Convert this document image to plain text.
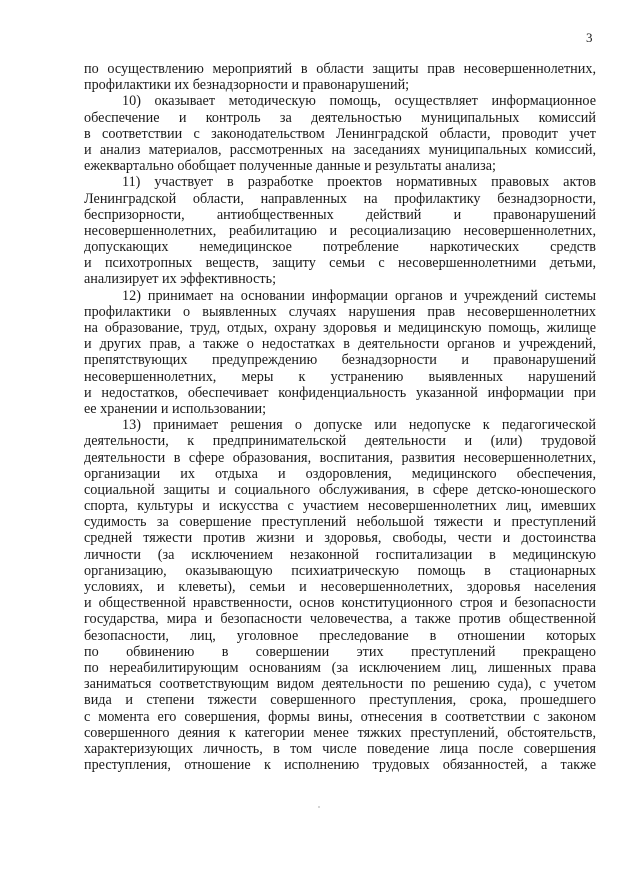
3
по осуществлению мероприятий в области защиты прав несовершеннолетних,
профилактики их безнадзорности и правонарушений;
10) оказывает методическую помощь, осуществляет информационное
обеспечение и контроль за деятельностью муниципальных комиссий
в соответствии с законодательством Ленинградской области, проводит учет
и анализ материалов, рассмотренных на заседаниях муниципальных комиссий,
ежеквартально обобщает полученные данные и результаты анализа;
11) участвует в разработке проектов нормативных правовых актов
Ленинградской области, направленных на профилактику безнадзорности,
беспризорности, антиобщественных действий и правонарушений
несовершеннолетних, реабилитацию и ресоциализацию несовершеннолетних,
допускающих немедицинское потребление наркотических средств
и психотропных веществ, защиту семьи с несовершеннолетними детьми,
анализирует их эффективность;
12) принимает на основании информации органов и учреждений системы
профилактики о выявленных случаях нарушения прав несовершеннолетних
на образование, труд, отдых, охрану здоровья и медицинскую помощь, жилище
и других прав, а также о недостатках в деятельности органов и учреждений,
препятствующих предупреждению безнадзорности и правонарушений
несовершеннолетних, меры к устранению выявленных нарушений
и недостатков, обеспечивает конфиденциальность указанной информации при
ее хранении и использовании;
13) принимает решения о допуске или недопуске к педагогической
деятельности, к предпринимательской деятельности и (или) трудовой
деятельности в сфере образования, воспитания, развития несовершеннолетних,
организации их отдыха и оздоровления, медицинского обеспечения,
социальной защиты и социального обслуживания, в сфере детско-юношеского
спорта, культуры и искусства с участием несовершеннолетних лиц, имевших
судимость за совершение преступлений небольшой тяжести и преступлений
средней тяжести против жизни и здоровья, свободы, чести и достоинства
личности (за исключением незаконной госпитализации в медицинскую
организацию, оказывающую психиатрическую помощь в стационарных
условиях, и клеветы), семьи и несовершеннолетних, здоровья населения
и общественной нравственности, основ конституционного строя и безопасности
государства, мира и безопасности человечества, а также против общественной
безопасности, лиц, уголовное преследование в отношении которых
по обвинению в совершении этих преступлений прекращено
по нереабилитирующим основаниям (за исключением лиц, лишенных права
заниматься соответствующим видом деятельности по решению суда), с учетом
вида и степени тяжести совершенного преступления, срока, прошедшего
с момента его совершения, формы вины, отнесения в соответствии с законом
совершенного деяния к категории менее тяжких преступлений, обстоятельств,
характеризующих личность, в том числе поведение лица после совершения
преступления, отношение к исполнению трудовых обязанностей, а также
